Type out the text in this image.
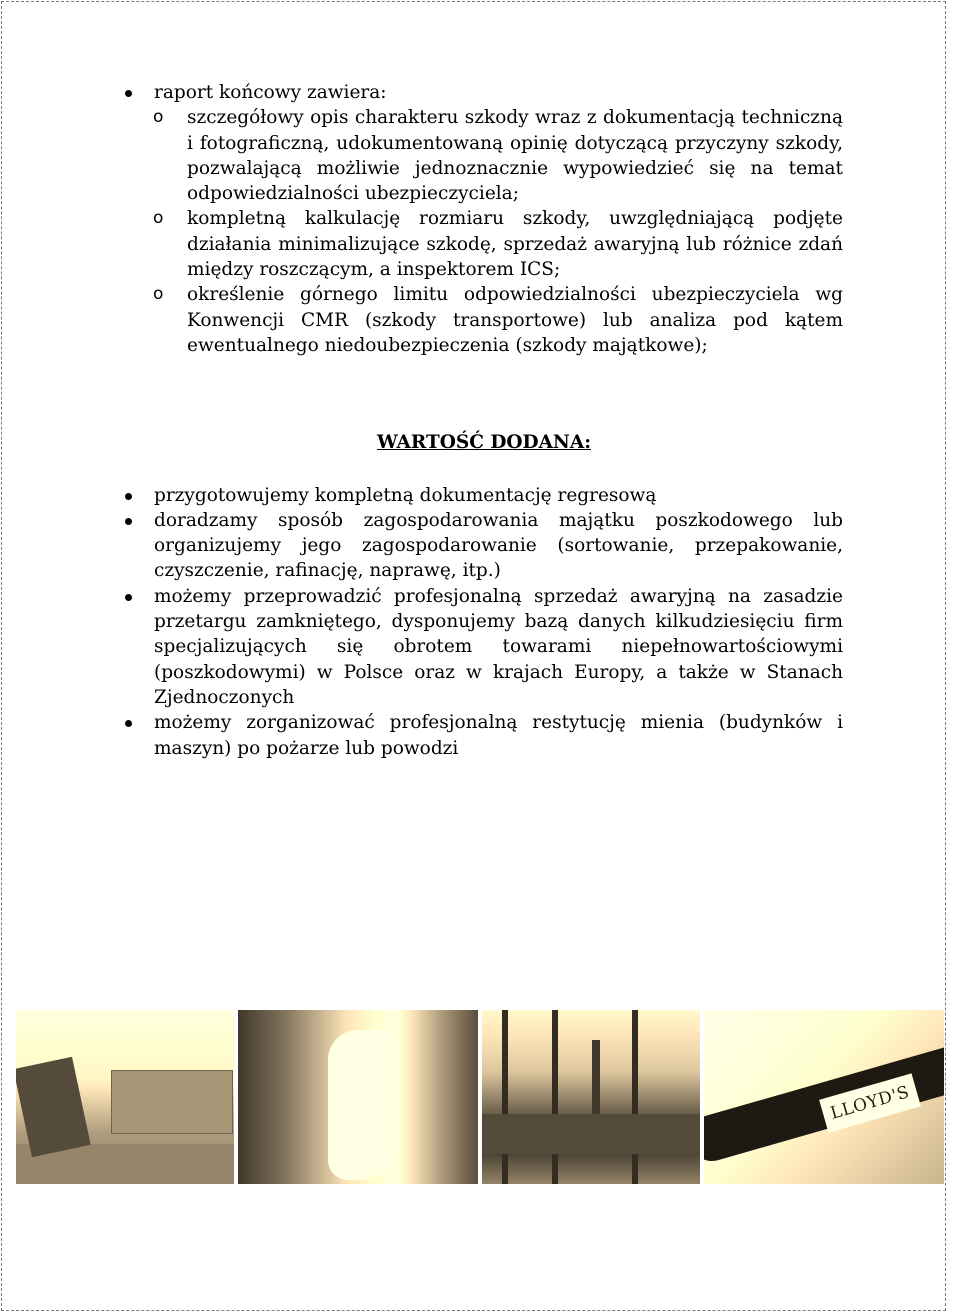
raport końcowy zawiera:
o szczegółowy opis charakteru szkody wraz z dokumentacją techniczną i fotograficzną, udokumentowaną opinię dotyczącą przyczyny szkody, pozwalającą możliwie jednoznacznie wypowiedzieć się na temat odpowiedzialności ubezpieczyciela;
o kompletną kalkulację rozmiaru szkody, uwzględniającą podjęte działania minimalizujące szkodę, sprzedaż awaryjną lub różnice zdań między roszczącym, a inspektorem ICS;
o określenie górnego limitu odpowiedzialności ubezpieczyciela wg Konwencji CMR (szkody transportowe) lub analiza pod kątem ewentualnego niedoubezpieczenia (szkody majątkowe);
WARTOŚĆ DODANA:
przygotowujemy kompletną dokumentację regresową
doradzamy sposób zagospodarowania majątku poszkodowego lub organizujemy jego zagospodarowanie (sortowanie, przepakowanie, czyszczenie, rafinację, naprawę, itp.)
możemy przeprowadzić profesjonalną sprzedaż awaryjną na zasadzie przetargu zamkniętego, dysponujemy bazą danych kilkudziesięciu firm specjalizujących się obrotem towarami niepełnowartościowymi (poszkodowymi) w Polsce oraz w krajach Europy, a także w Stanach Zjednoczonych
możemy zorganizować profesjonalną restytucję mienia (budynków i maszyn) po pożarze lub powodzi
LLOYD'S
